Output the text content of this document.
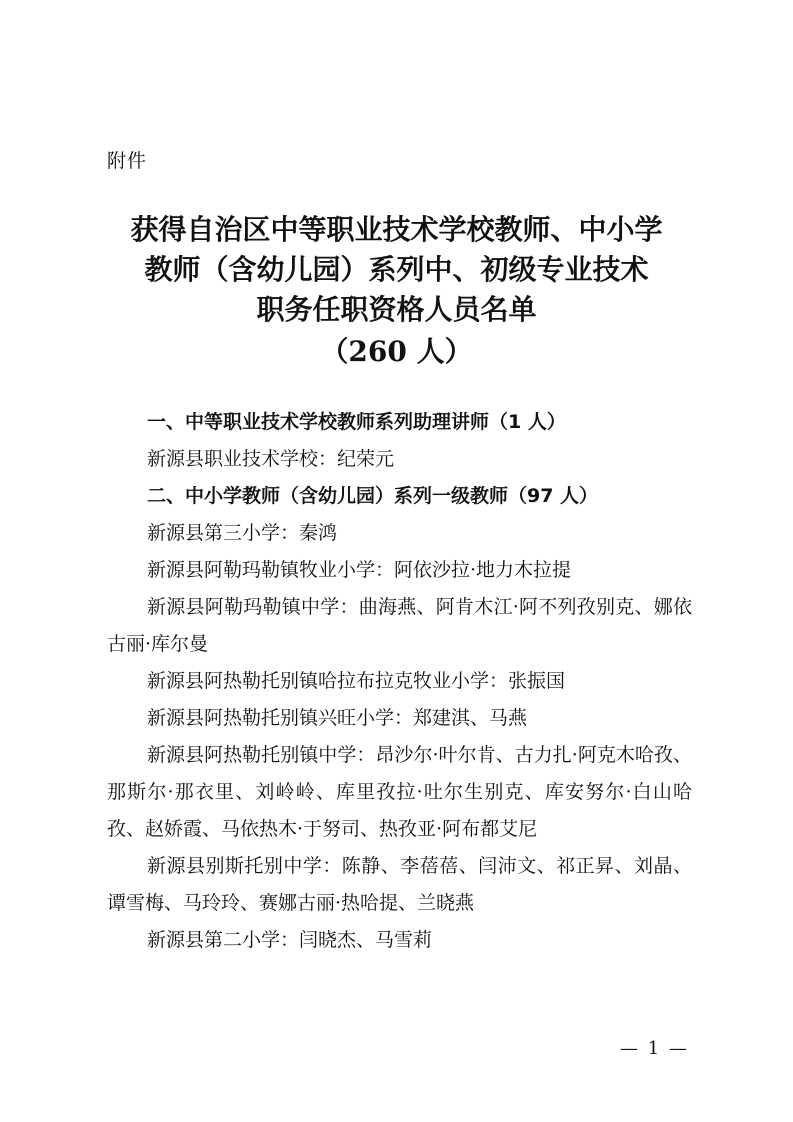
附件
获得自治区中等职业技术学校教师、中小学
教师（含幼儿园）系列中、初级专业技术
职务任职资格人员名单
（260 人）

一、中等职业技术学校教师系列助理讲师（1 人）

新源县职业技术学校：纪荣元

二、中小学教师（含幼儿园）系列一级教师（97 人）

新源县第三小学：秦鸿

新源县阿勒玛勒镇牧业小学：阿依沙拉·地力木拉提

新源县阿勒玛勒镇中学：曲海燕、阿肯木江·阿不列孜别克、娜依古丽·库尔曼

新源县阿热勒托别镇哈拉布拉克牧业小学：张振国

新源县阿热勒托别镇兴旺小学：郑建淇、马燕

新源县阿热勒托别镇中学：昂沙尔·叶尔肯、古力扎·阿克木哈孜、那斯尔·那衣里、刘岭岭、库里孜拉·吐尔生别克、库安努尔·白山哈孜、赵娇霞、马依热木·于努司、热孜亚·阿布都艾尼

新源县别斯托别中学：陈静、李蓓蓓、闫沛文、祁正昇、刘晶、谭雪梅、马玲玲、赛娜古丽·热哈提、兰晓燕

新源县第二小学：闫晓杰、马雪莉

— 1 —
